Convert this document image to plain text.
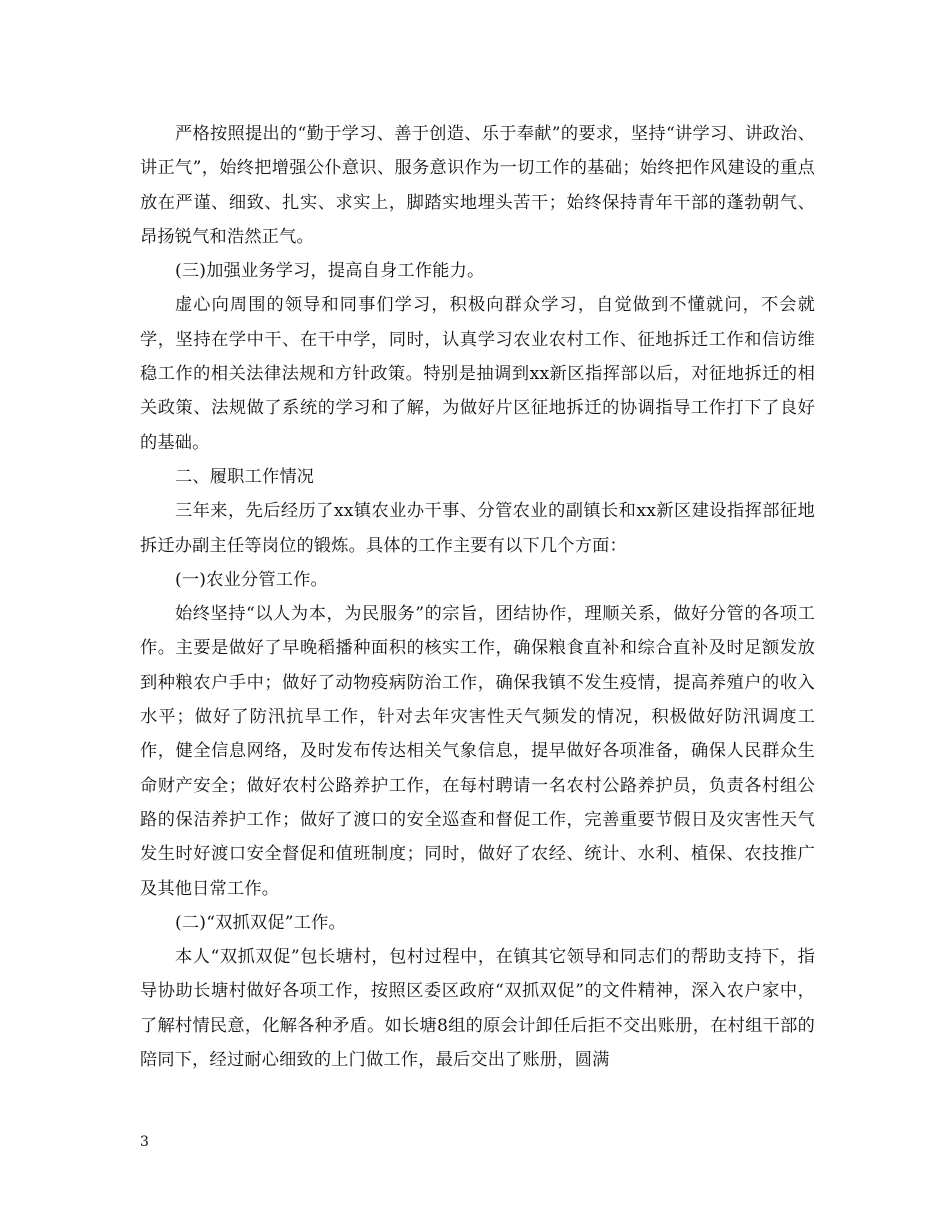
严格按照提出的“勤于学习、善于创造、乐于奉献”的要求，坚持“讲学习、讲政治、讲正气”，始终把增强公仆意识、服务意识作为一切工作的基础；始终把作风建设的重点放在严谨、细致、扎实、求实上，脚踏实地埋头苦干；始终保持青年干部的蓬勃朝气、昂扬锐气和浩然正气。

(三)加强业务学习，提高自身工作能力。

虚心向周围的领导和同事们学习，积极向群众学习，自觉做到不懂就问，不会就学，坚持在学中干、在干中学，同时，认真学习农业农村工作、征地拆迁工作和信访维稳工作的相关法律法规和方针政策。特别是抽调到xx新区指挥部以后，对征地拆迁的相关政策、法规做了系统的学习和了解，为做好片区征地拆迁的协调指导工作打下了良好的基础。

二、履职工作情况

三年来，先后经历了xx镇农业办干事、分管农业的副镇长和xx新区建设指挥部征地拆迁办副主任等岗位的锻炼。具体的工作主要有以下几个方面：

(一)农业分管工作。

始终坚持“以人为本，为民服务”的宗旨，团结协作，理顺关系，做好分管的各项工作。主要是做好了早晚稻播种面积的核实工作，确保粮食直补和综合直补及时足额发放到种粮农户手中；做好了动物疫病防治工作，确保我镇不发生疫情，提高养殖户的收入水平；做好了防汛抗旱工作，针对去年灾害性天气频发的情况，积极做好防汛调度工作，健全信息网络，及时发布传达相关气象信息，提早做好各项准备，确保人民群众生命财产安全；做好农村公路养护工作，在每村聘请一名农村公路养护员，负责各村组公路的保洁养护工作；做好了渡口的安全巡查和督促工作，完善重要节假日及灾害性天气发生时好渡口安全督促和值班制度；同时，做好了农经、统计、水利、植保、农技推广及其他日常工作。

(二)“双抓双促”工作。

本人“双抓双促”包长塘村，包村过程中，在镇其它领导和同志们的帮助支持下，指导协助长塘村做好各项工作，按照区委区政府“双抓双促”的文件精神，深入农户家中，了解村情民意，化解各种矛盾。如长塘8组的原会计卸任后拒不交出账册，在村组干部的陪同下，经过耐心细致的上门做工作，最后交出了账册，圆满

3
